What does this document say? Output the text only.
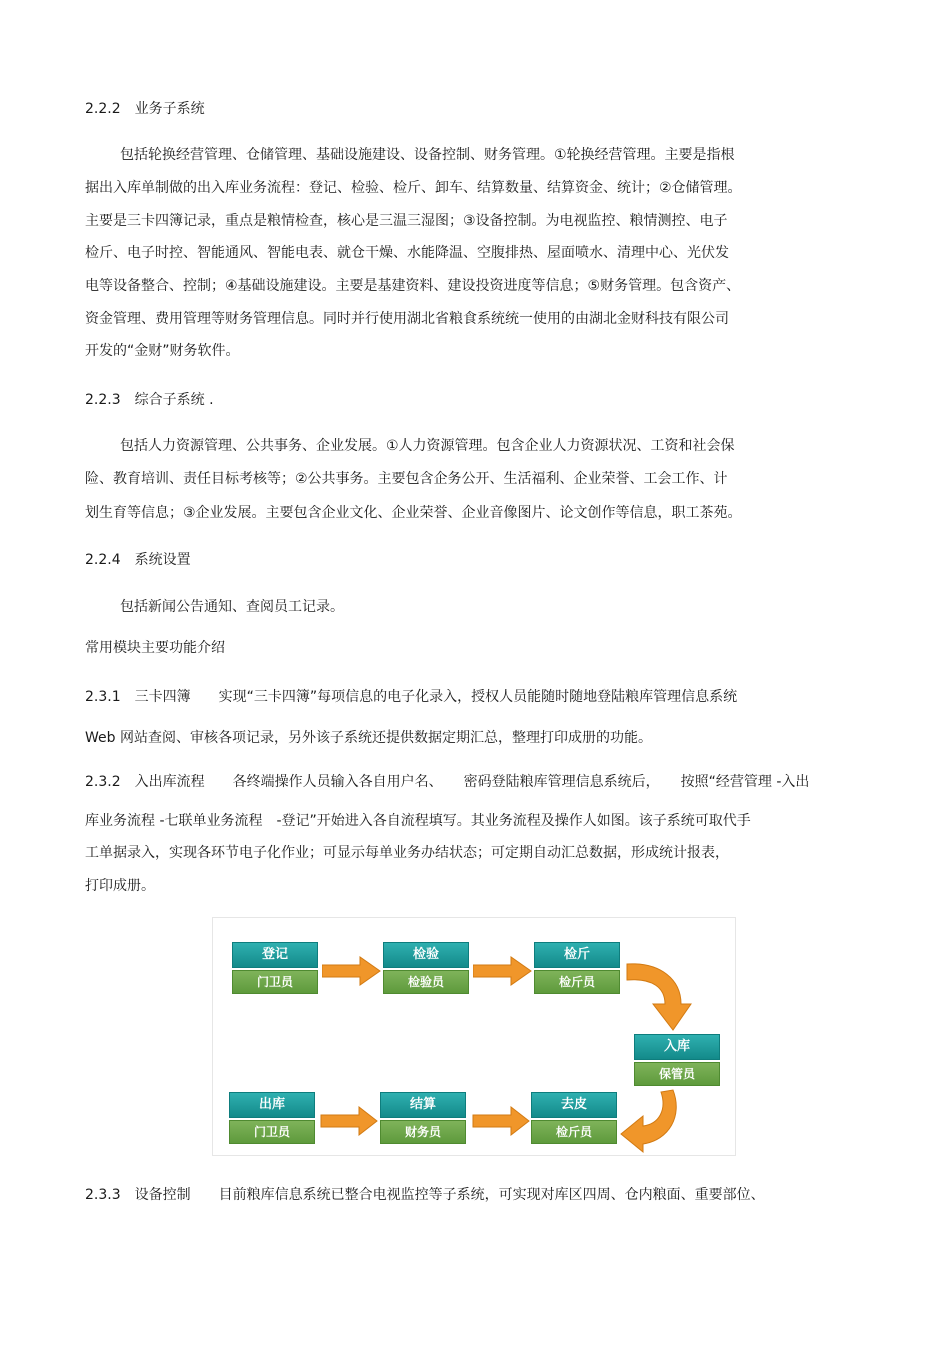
2.2.2　业务子系统
包括轮换经营管理、仓储管理、基础设施建设、设备控制、财务管理。①轮换经营管理。主要是指根
据出入库单制做的出入库业务流程：登记、检验、检斤、卸车、结算数量、结算资金、统计；②仓储管理。
主要是三卡四簿记录，重点是粮情检查，核心是三温三湿图；③设备控制。为电视监控、粮情测控、电子
检斤、电子时控、智能通风、智能电表、就仓干燥、水能降温、空腹排热、屋面喷水、清理中心、光伏发
电等设备整合、控制；④基础设施建设。主要是基建资料、建设投资进度等信息；⑤财务管理。包含资产、
资金管理、费用管理等财务管理信息。同时并行使用湖北省粮食系统统一使用的由湖北金财科技有限公司
开发的“金财”财务软件。
2.2.3　综合子系统 .
包括人力资源管理、公共事务、企业发展。①人力资源管理。包含企业人力资源状况、工资和社会保
险、教育培训、责任目标考核等；②公共事务。主要包含企务公开、生活福利、企业荣誉、工会工作、计
划生育等信息；③企业发展。主要包含企业文化、企业荣誉、企业音像图片、论文创作等信息，职工茶苑。
2.2.4　系统设置
包括新闻公告通知、查阅员工记录。
常用模块主要功能介绍
2.3.1　三卡四簿　　实现“三卡四簿”每项信息的电子化录入，授权人员能随时随地登陆粮库管理信息系统
Web 网站查阅、审核各项记录，另外该子系统还提供数据定期汇总，整理打印成册的功能。
2.3.2　入出库流程　　各终端操作人员输入各自用户名、　　密码登陆粮库管理信息系统后，　　按照“经营管理 -入出
库业务流程 -七联单业务流程　-登记”开始进入各自流程填写。其业务流程及操作人如图。该子系统可取代手
工单据录入，实现各环节电子化作业；可显示每单业务办结状态；可定期自动汇总数据，形成统计报表，
打印成册。
登记
门卫员
检验
检验员
检斤
检斤员
入库
保管员
去皮
检斤员
结算
财务员
出库
门卫员
2.3.3　设备控制　　目前粮库信息系统已整合电视监控等子系统，可实现对库区四周、仓内粮面、重要部位、
